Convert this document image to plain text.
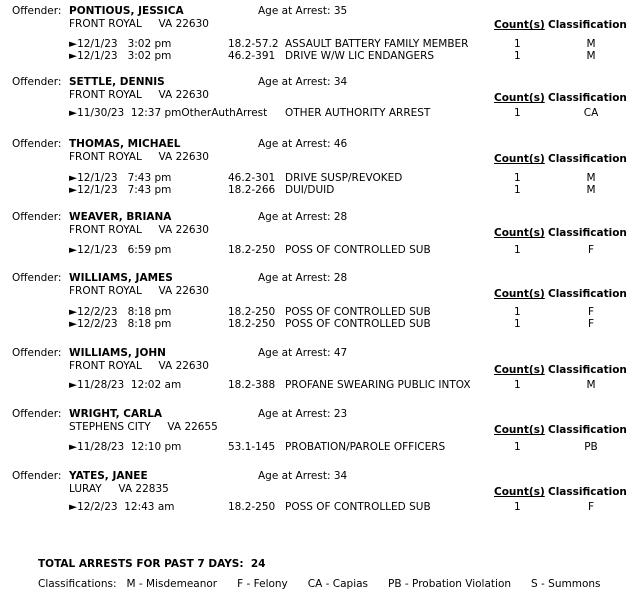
Offender: PONTIOUS, JESSICA
FRONT ROYAL VA 22630
Age at Arrest: 35
Count(s) Classification
►12/1/23   3:02 pm	18.2-57.2 ASSAULT BATTERY FAMILY MEMBER	1	M
►12/1/23   3:02 pm	46.2-391 DRIVE W/W LIC ENDANGERS	1	M
Offender: SETTLE, DENNIS
FRONT ROYAL VA 22630
Age at Arrest: 34
Count(s) Classification
►11/30/23  12:37 pmOtherAuthArrest OTHER AUTHORITY ARREST	1	CA
Offender: THOMAS, MICHAEL
FRONT ROYAL VA 22630
Age at Arrest: 46
Count(s) Classification
►12/1/23   7:43 pm	46.2-301 DRIVE SUSP/REVOKED	1	M
►12/1/23   7:43 pm	18.2-266 DUI/DUID	1	M
Offender: WEAVER, BRIANA
FRONT ROYAL VA 22630
Age at Arrest: 28
Count(s) Classification
►12/1/23   6:59 pm	18.2-250 POSS OF CONTROLLED SUB	1	F
Offender: WILLIAMS, JAMES
FRONT ROYAL VA 22630
Age at Arrest: 28
Count(s) Classification
►12/2/23   8:18 pm	18.2-250 POSS OF CONTROLLED SUB	1	F
►12/2/23   8:18 pm	18.2-250 POSS OF CONTROLLED SUB	1	F
Offender: WILLIAMS, JOHN
FRONT ROYAL VA 22630
Age at Arrest: 47
Count(s) Classification
►11/28/23  12:02 am	18.2-388 PROFANE SWEARING PUBLIC INTOX	1	M
Offender: WRIGHT, CARLA
STEPHENS CITY VA 22655
Age at Arrest: 23
Count(s) Classification
►11/28/23  12:10 pm	53.1-145 PROBATION/PAROLE OFFICERS	1	PB
Offender: YATES, JANEE
LURAY VA 22835
Age at Arrest: 34
Count(s) Classification
►12/2/23  12:43 am	18.2-250 POSS OF CONTROLLED SUB	1	F
TOTAL ARRESTS FOR PAST 7 DAYS:  24
Classifications:   M - Misdemeanor      F - Felony      CA - Capias      PB - Probation Violation      S - Summons
